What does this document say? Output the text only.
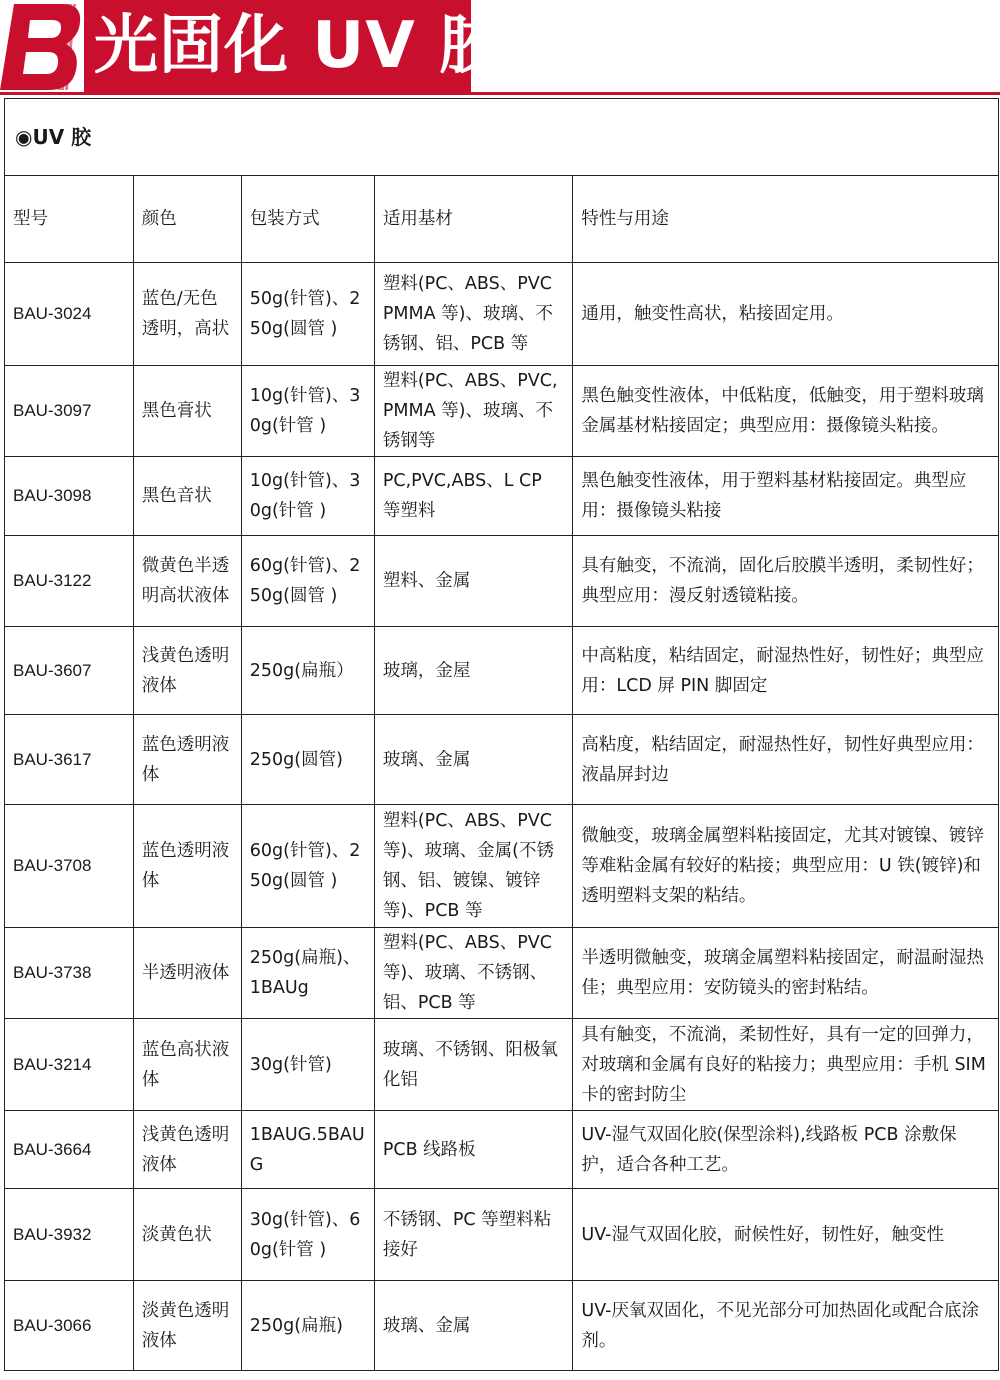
光固化 UV 胶
◉UV 胶				
型号	颜色	包装方式	适用基材	特性与用途
BAU-3024	蓝色/无色透明，高状	50g(针管)、250g(圆管 )	塑料(PC、ABS、PVC PMMA 等)、玻璃、不锈钢、铝、PCB 等	通用，触变性高状，粘接固定用。
BAU-3097	黑色膏状	10g(针管)、30g(针管 )	塑料(PC、ABS、PVC, PMMA 等)、玻璃、不锈钢等	黑色触变性液体，中低粘度，低触变，用于塑料玻璃金属基材粘接固定；典型应用：摄像镜头粘接。
BAU-3098	黑色音状	10g(针管)、30g(针管 )	PC,PVC,ABS、L CP 等塑料	黑色触变性液体，用于塑料基材粘接固定。典型应用：摄像镜头粘接
BAU-3122	微黄色半透明高状液体	60g(针管)、250g(圆管 )	塑料、金属	具有触变，不流淌，固化后胶膜半透明，柔韧性好；典型应用：漫反射透镜粘接。
BAU-3607	浅黄色透明液体	250g(扁瓶）	玻璃，金屋	中高粘度，粘结固定，耐湿热性好，韧性好；典型应用：LCD 屏 PIN 脚固定
BAU-3617	蓝色透明液体	250g(圆管)	玻璃、金属	高粘度，粘结固定，耐湿热性好，韧性好典型应用：液晶屏封边
BAU-3708	蓝色透明液体	60g(针管)、250g(圆管 )	塑料(PC、ABS、PVC 等)、玻璃、金属(不锈钢、铝、镀镍、镀锌等)、PCB 等	微触变，玻璃金属塑料粘接固定，尤其对镀镍、镀锌等难粘金属有较好的粘接；典型应用：U 铁(镀锌)和透明塑料支架的粘结。
BAU-3738	半透明液体	250g(扁瓶)、1BAUg	塑料(PC、ABS、PVC 等)、玻璃、不锈钢、铝、PCB 等	半透明微触变，玻璃金属塑料粘接固定，耐温耐湿热佳；典型应用：安防镜头的密封粘结。
BAU-3214	蓝色高状液体	30g(针管)	玻璃、不锈钢、阳极氧化铝	具有触变，不流淌，柔韧性好，具有一定的回弹力，对玻璃和金属有良好的粘接力；典型应用：手机 SIM 卡的密封防尘
BAU-3664	浅黄色透明液体	1BAUG.5BAUG	PCB 线路板	UV-湿气双固化胶(保型涂料),线路板 PCB 涂敷保护，适合各种工艺。
BAU-3932	淡黄色状	30g(针管)、60g(针管 )	不锈钢、PC 等塑料粘接好	UV-湿气双固化胶，耐候性好，韧性好，触变性
BAU-3066	淡黄色透明液体	250g(扁瓶)	玻璃、金属	UV-厌氧双固化，不见光部分可加热固化或配合底涂剂。
